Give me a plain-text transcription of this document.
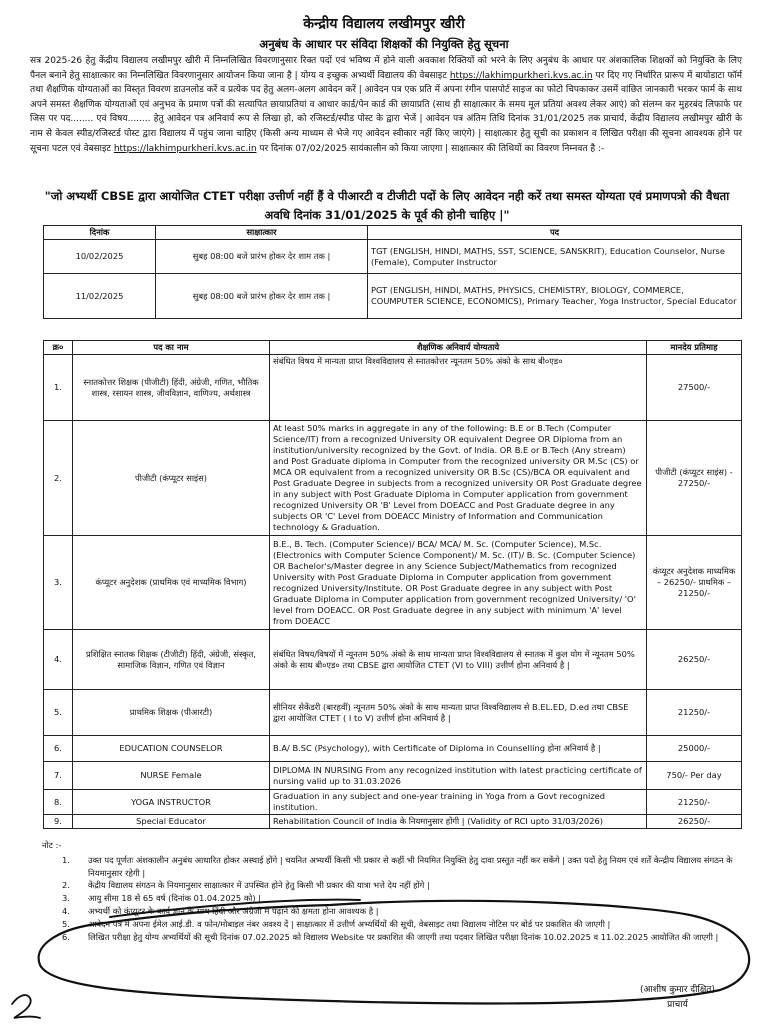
केन्द्रीय विद्यालय लखीमपुर खीरी
अनुबंध के आधार पर संविदा शिक्षकों की नियुक्ति हेतु सूचना

सत्र 2025-26 हेतु केंद्रीय विद्यालय लखीमपुर खीरी में निम्नलिखित विवरणानुसार रिक्त पदों एवं भविष्य में होने वाली अवकाश रिक्तियों को भरने के लिए अनुबंध के आधार पर अंशकालिक शिक्षकों को नियुक्ति के लिए पैनल बनाने हेतु साक्षात्कार का निम्नलिखित विवरणानुसार आयोजन किया जाना है | योग्य व इच्छुक अभ्यर्थी विद्यालय की वेबसाइट https://lakhimpurkheri.kvs.ac.in पर दिए गए निर्धारित प्रारूप में बायोडाटा फॉर्म तथा शैक्षणिक योग्यताओं का विस्तृत विवरण डाउनलोड करें व प्रत्येक पद हेतु अलग-अलग आवेदन करें | आवेदन पत्र एक प्रति में अपना रंगीन पासपोर्ट साइज का फोटो चिपकाकर उसमें वांछित जानकारी भरकर फार्म के साथ अपने समस्त शैक्षणिक योग्यताओं एवं अनुभव के प्रमाण पत्रों की सत्यापित छायाप्रतियां व आधार कार्ड/पेन कार्ड की छायाप्रति (साथ ही साक्षात्कार के समय मूल प्रतियां अवश्य लेकर आएं) को संलग्न कर मुहरबंद लिफाफे पर जिस पर पद........ एवं विषय........ हेतु आवेदन पत्र अनिवार्य रूप से लिखा हो, को रजिस्टर्ड/स्पीड पोस्ट के द्वारा भेजें | आवेदन पत्र अंतिम तिथि दिनांक 31/01/2025 तक प्राचार्य, केंद्रीय विद्यालय लखीमपुर खीरी के नाम से केवल स्पीड/रजिस्टर्ड पोस्ट द्वारा विद्यालय में पहुंच जाना चाहिए (किसी अन्य माध्यम से भेजे गए आवेदन स्वीकार नहीं किए जाएंगे) | साक्षात्कार हेतु सूची का प्रकाशन व लिखित परीक्षा की सूचना आवश्यक होने पर सूचना पटल एवं वेबसाइट https://lakhimpurkheri.kvs.ac.in पर दिनांक 07/02/2025 सायंकालीन को किया जाएगा | साक्षात्कार की तिथियों का विवरण निम्नवत है :-

"जो अभ्यर्थी CBSE द्वारा आयोजित CTET परीक्षा उत्तीर्ण नहीं हैं वे पीआरटी व टीजीटी पदों के लिए आवेदन नही करें तथा समस्त योग्यता एवं प्रमाणपत्रो की वैधता अवधि दिनांक 31/01/2025 के पूर्व की होनी चाहिए |"
दिनांक	साक्षात्कार	पद
10/02/2025	सुबह 08:00 बजे प्रारंभ होकर देर शाम तक |	TGT (ENGLISH, HINDI, MATHS, SST, SCIENCE, SANSKRIT), Education Counselor, Nurse (Female), Computer Instructor
11/02/2025	सुबह 08:00 बजे प्रारंभ होकर देर शाम तक |	PGT (ENGLISH, HINDI, MATHS, PHYSICS, CHEMISTRY, BIOLOGY, COMMERCE, COUMPUTER SCIENCE, ECONOMICS), Primary Teacher, Yoga Instructor, Special Educator
क्र०	पद का नाम	शैक्षणिक अनिवार्य योग्यताये	मानदेय प्रतिमाह
1.	स्नातकोत्तर शिक्षक (पीजीटी) हिंदी, अंग्रेजी, गणित, भौतिक शास्त्र, रसायन शास्त्र, जीवविज्ञान, वाणिज्य, अर्थशास्त्र	संबंधित विषय में मान्यता प्राप्त विश्वविद्यालय से स्नातकोत्तर न्यूनतम 50% अंको के साथ बी०एड०	27500/-
2.	पीजीटी (कंप्यूटर साइंस)	At least 50% marks in aggregate in any of the following: B.E or B.Tech (Computer Science/IT) from a recognized University OR equivalent Degree OR Diploma from an institution/university recognized by the Govt. of India. OR B.E or B.Tech (Any stream) and Post Graduate diploma in Computer from the recognized university OR M.Sc (CS) or MCA OR equivalent from a recognized university OR B.Sc (CS)/BCA OR equivalent and Post Graduate Degree in subjects from a recognized university OR Post Graduate degree in any subject with Post Graduate Diploma in Computer application from government recognized University OR 'B' Level from DOEACC and Post Graduate degree in any subjects OR 'C' Level from DOEACC Ministry of Information and Communication technology & Graduation.	पीजीटी (कंप्यूटर साइंस) - 27250/-
3.	कंप्यूटर अनुदेशक (प्राथमिक एवं माध्यमिक विभाग)	B.E., B. Tech. (Computer Science)/ BCA/ MCA/ M. Sc. (Computer Science), M.Sc. (Electronics with Computer Science Component)/ M. Sc. (IT)/ B. Sc. (Computer Science) OR Bachelor's/Master degree in any Science Subject/Mathematics from recognized University with Post Graduate Diploma in Computer application from government recognized University/Institute. OR Post Graduate degree in any subject with Post Graduate Diploma in Computer application from government recognized University/ 'O' level from DOEACC. OR Post Graduate degree in any subject with minimum 'A' level from DOEACC	कंप्यूटर अनुदेशक माध्यमिक – 26250/- प्राथमिक – 21250/-
4.	प्रशिक्षित स्नातक शिक्षक (टीजीटी) हिंदी, अंग्रेजी, संस्कृत, सामाजिक विज्ञान, गणित एवं विज्ञान	संबंधित विषय/विषयों में न्यूनतम 50% अंको के साथ मान्यता प्राप्त विश्वविद्यालय से स्नातक में कुल योग में न्यूनतम 50% अंको के साथ बी०एड० तथा CBSE द्वारा आयोजित CTET (VI to VIII) उत्तीर्ण होना अनिवार्य है |	26250/-
5.	प्राथमिक शिक्षक (पीआरटी)	सीनियर सेकेंडरी (बारहवीं) न्यूनतम 50% अंको के साथ मान्यता प्राप्त विश्वविद्यालय से B.EL.ED, D.ed तथा CBSE द्वारा आयोजित CTET ( I to V) उत्तीर्ण होना अनिवार्य है |	21250/-
6.	EDUCATION COUNSELOR	B.A/ B.SC (Psychology), with Certificate of Diploma in Counselling होना अनिवार्य है |	25000/-
7.	NURSE Female	DIPLOMA IN NURSING From any recognized institution with latest practicing certificate of nursing valid up to 31.03.2026	750/- Per day
8.	YOGA INSTRUCTOR	Graduation in any subject and one-year training in Yoga from a Govt recognized institution.	21250/-
9.	Special Educator	Rehabilitation Council of India के नियमानुसार होंगी | (Validity of RCI upto 31/03/2026)	26250/-
नोट :-
1.	उक्त पद पूर्णतः अंशकालीन अनुबंध आधारित होकर अस्थाई होंगे | चयनित अभ्यर्थी किसी भी प्रकार से कहीं भी नियमित नियुक्ति हेतु दावा प्रस्तुत नहीं कर सकेंगे | उक्त पदों हेतु नियम एवं शर्तें केन्द्रीय विद्यालय संगठन के नियमानुसार रहेगी |
2.	केंद्रीय विद्यालय संगठन के नियमानुसार साक्षात्कार में उपस्थित होने हेतु किसी भी प्रकार की यात्रा भत्ते देय नहीं होंगे |
3.	आयु सीमा 18 से 65 वर्ष (दिनांक 01.04.2025 को) |
4.	अभ्यर्थी को कंप्यूटर के कार्य ज्ञान के साथ हिंदी और अंग्रेजी में पढ़ाने की क्षमता होना आवश्यक है |
5.	आवेदन पत्र में अपना ईमेल आई.डी. व फोन/मोबाइल नंबर अवश्य दें | साक्षात्कार में उत्तीर्ण अभ्यर्थियों की सूची, वेबसाइट तथा विद्यालय नोटिस पर बोर्ड पर प्रकाशित की जाएगी |
6.	लिखित परीक्षा हेतु योग्य अभ्यर्थियों की सूची दिनांक 07.02.2025 को विद्यालय Website पर प्रकाशित की जाएगी तथा पदवार लिखित परीक्षा दिनांक 10.02.2025 व 11.02.2025 आयोजित की जाएगी |
(आशीष कुमार दीक्षित)
प्राचार्य
